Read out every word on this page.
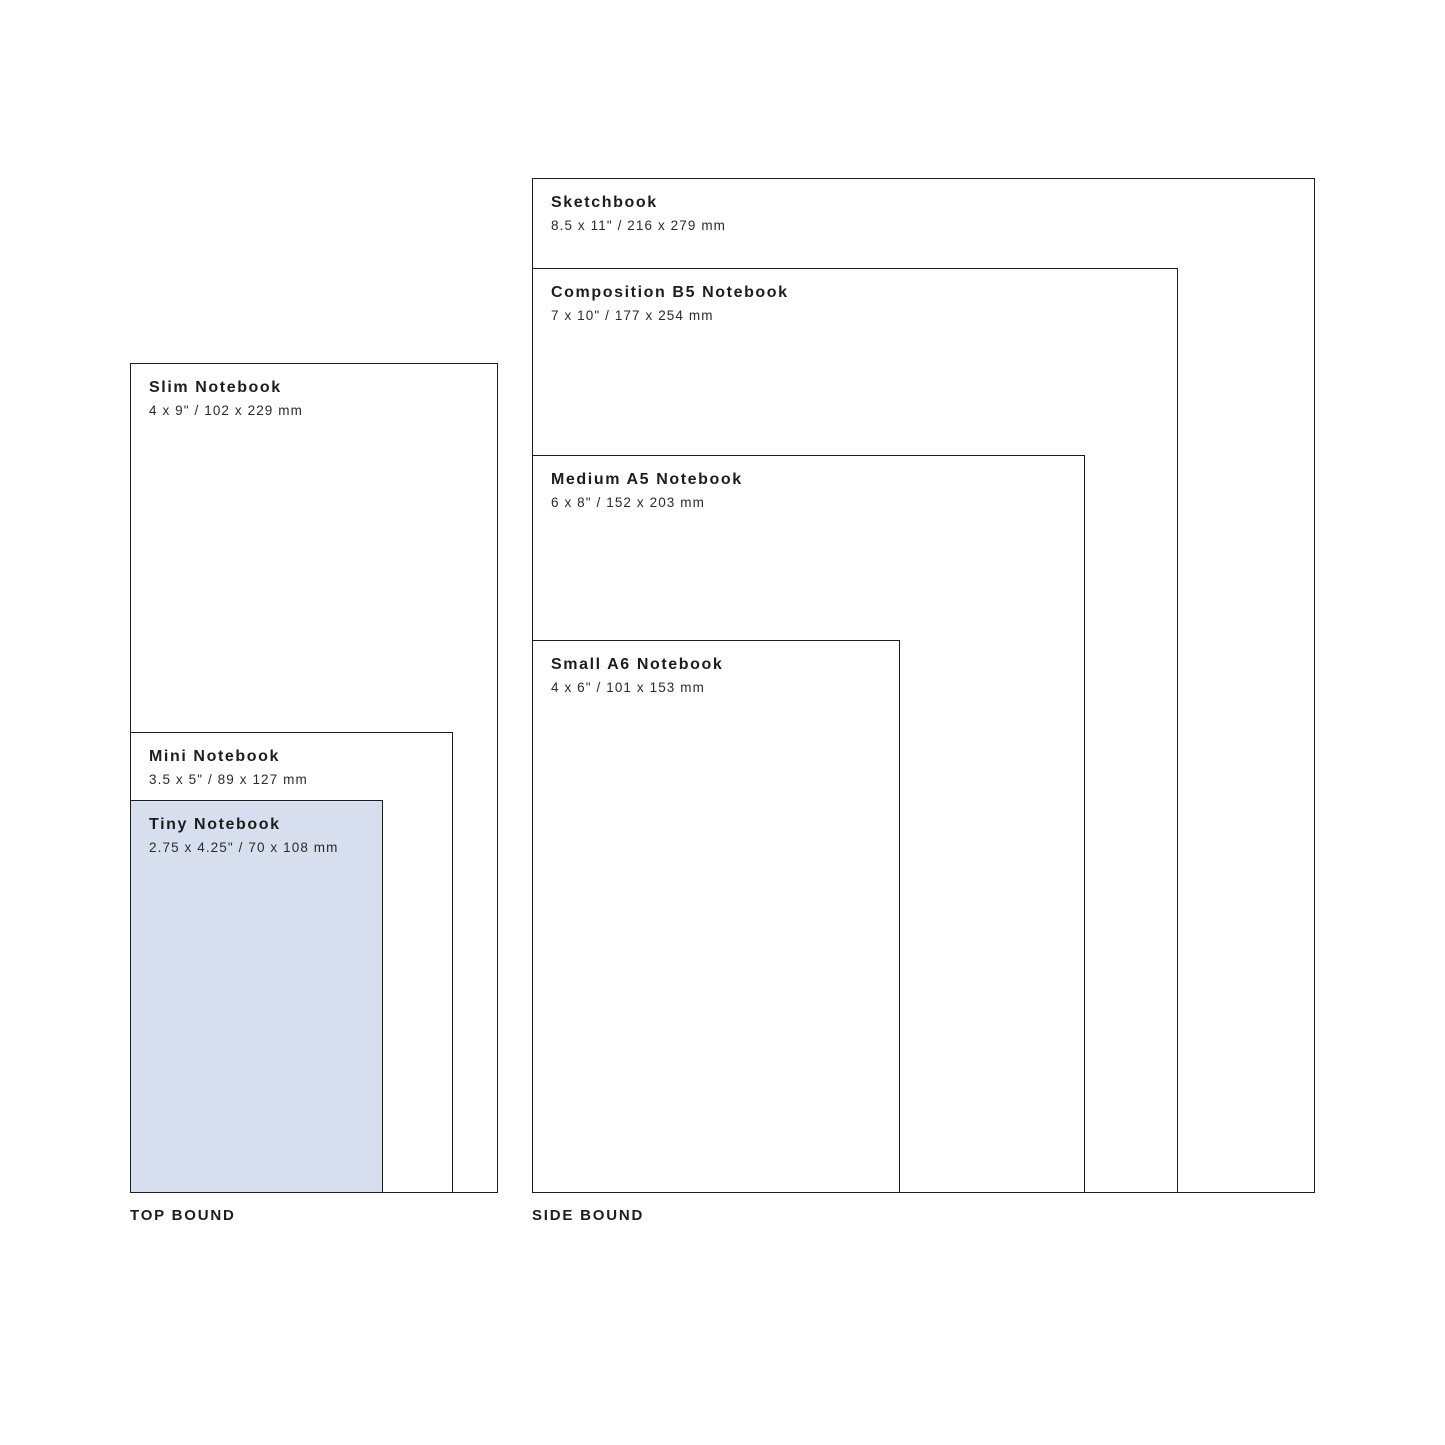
Slim Notebook
4 x 9" / 102 x 229 mm
Mini Notebook
3.5 x 5" / 89 x 127 mm
Tiny Notebook
2.75 x 4.25" / 70 x 108 mm
TOP BOUND
Sketchbook
8.5 x 11" / 216 x 279 mm
Composition B5 Notebook
7 x 10" / 177 x 254 mm
Medium A5 Notebook
6 x 8" / 152 x 203 mm
Small A6 Notebook
4 x 6" / 101 x 153 mm
SIDE BOUND
